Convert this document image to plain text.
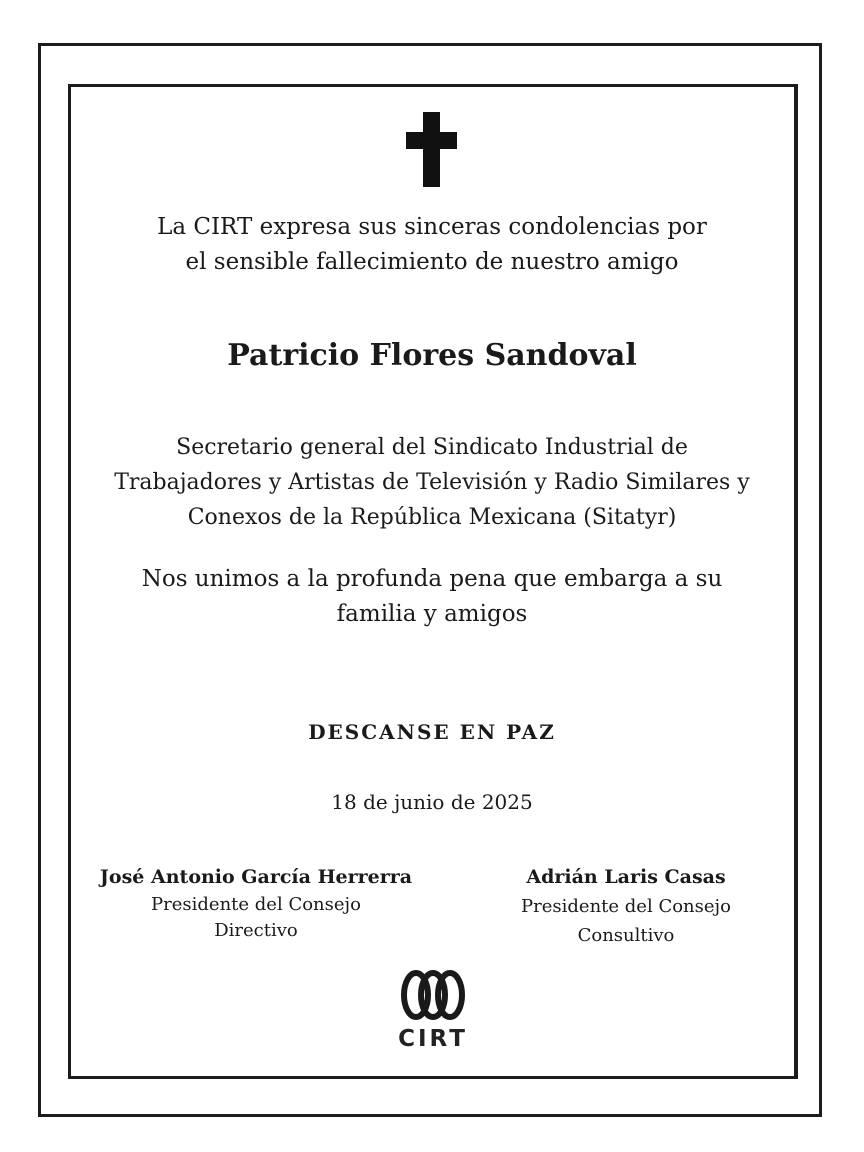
La CIRT expresa sus sinceras condolencias por
el sensible fallecimiento de nuestro amigo
Patricio Flores Sandoval
Secretario general del Sindicato Industrial de
Trabajadores y Artistas de Televisión y Radio Similares y
Conexos de la República Mexicana (Sitatyr)
Nos unimos a la profunda pena que embarga a su
familia y amigos
DESCANSE EN PAZ
18 de junio de 2025
José Antonio García Herrerra
Presidente del Consejo
Directivo
Adrián Laris Casas
Presidente del Consejo
Consultivo
CIRT
